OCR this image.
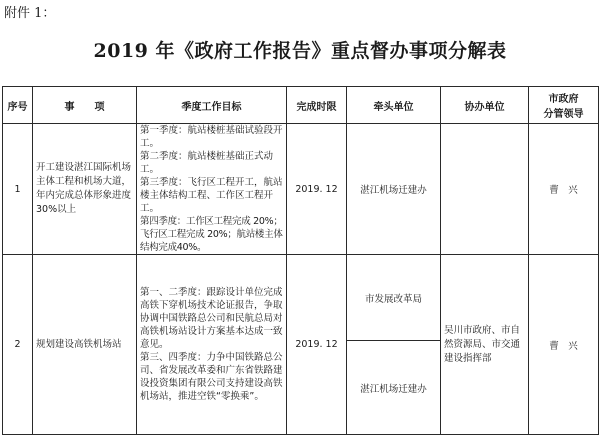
附件 1：
2019 年《政府工作报告》重点督办事项分解表
序号	事　　项	季度工作目标	完成时限	牵头单位	协办单位	市政府
分管领导

1	开工建设湛江国际机场主体工程和机场大道，年内完成总体形象进度30%以上	第一季度：航站楼桩基础试验段开工。
第二季度：航站楼桩基础正式动工。
第三季度：飞行区工程开工，航站楼主体结构工程、工作区工程开工。
第四季度：工作区工程完成 20%；飞行区工程完成 20%；航站楼主体结构完成40%。	2019. 12	湛江机场迁建办		曹　兴
2	规划建设高铁机场站	第一、二季度：跟踪设计单位完成高铁下穿机场技术论证报告，争取协调中国铁路总公司和民航总局对高铁机场站设计方案基本达成一致意见。
第三、四季度：力争中国铁路总公司、省发展改革委和广东省铁路建设投资集团有限公司支持建设高铁机场站，推进空铁“零换乘”。	2019. 12	市发展改革局	吴川市政府、市自然资源局、市交通建设指挥部	曹　兴
				湛江机场迁建办		
